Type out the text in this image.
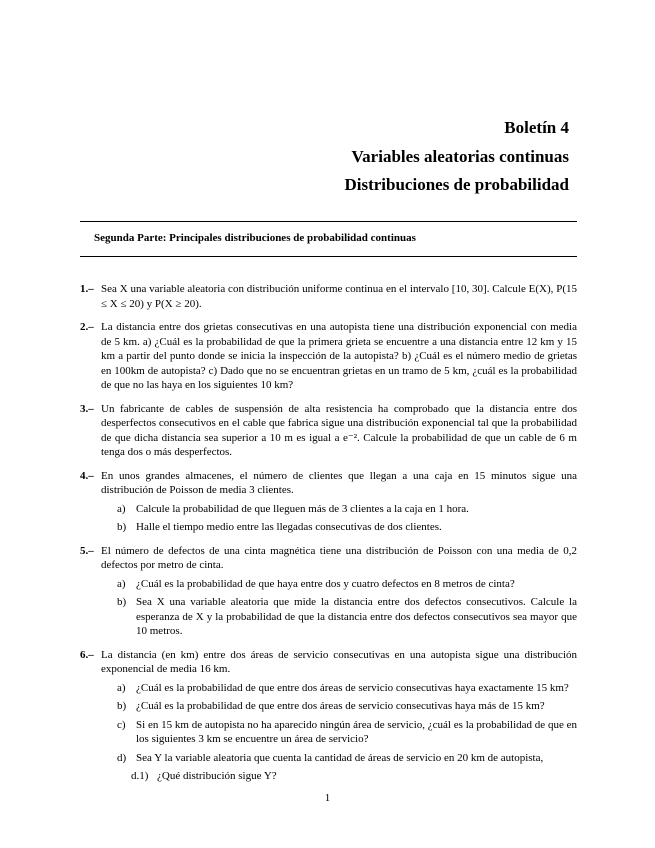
Boletín 4
Variables aleatorias continuas
Distribuciones de probabilidad
Segunda Parte: Principales distribuciones de probabilidad continuas
1.– Sea X una variable aleatoria con distribución uniforme continua en el intervalo [10, 30]. Calcule E(X), P(15 ≤ X ≤ 20) y P(X ≥ 20).
2.– La distancia entre dos grietas consecutivas en una autopista tiene una distribución exponencial con media de 5 km. a) ¿Cuál es la probabilidad de que la primera grieta se encuentre a una distancia entre 12 km y 15 km a partir del punto donde se inicia la inspección de la autopista? b) ¿Cuál es el número medio de grietas en 100km de autopista? c) Dado que no se encuentran grietas en un tramo de 5 km, ¿cuál es la probabilidad de que no las haya en los siguientes 10 km?
3.– Un fabricante de cables de suspensión de alta resistencia ha comprobado que la distancia entre dos desperfectos consecutivos en el cable que fabrica sigue una distribución exponencial tal que la probabilidad de que dicha distancia sea superior a 10 m es igual a e⁻². Calcule la probabilidad de que un cable de 6 m tenga dos o más desperfectos.
4.– En unos grandes almacenes, el número de clientes que llegan a una caja en 15 minutos sigue una distribución de Poisson de media 3 clientes.
a) Calcule la probabilidad de que lleguen más de 3 clientes a la caja en 1 hora.
b) Halle el tiempo medio entre las llegadas consecutivas de dos clientes.
5.– El número de defectos de una cinta magnética tiene una distribución de Poisson con una media de 0,2 defectos por metro de cinta.
a) ¿Cuál es la probabilidad de que haya entre dos y cuatro defectos en 8 metros de cinta?
b) Sea X una variable aleatoria que mide la distancia entre dos defectos consecutivos. Calcule la esperanza de X y la probabilidad de que la distancia entre dos defectos consecutivos sea mayor que 10 metros.
6.– La distancia (en km) entre dos áreas de servicio consecutivas en una autopista sigue una distribución exponencial de media 16 km.
a) ¿Cuál es la probabilidad de que entre dos áreas de servicio consecutivas haya exactamente 15 km?
b) ¿Cuál es la probabilidad de que entre dos áreas de servicio consecutivas haya más de 15 km?
c) Si en 15 km de autopista no ha aparecido ningún área de servicio, ¿cuál es la probabilidad de que en los siguientes 3 km se encuentre un área de servicio?
d) Sea Y la variable aleatoria que cuenta la cantidad de áreas de servicio en 20 km de autopista,
d.1) ¿Qué distribución sigue Y?
1
